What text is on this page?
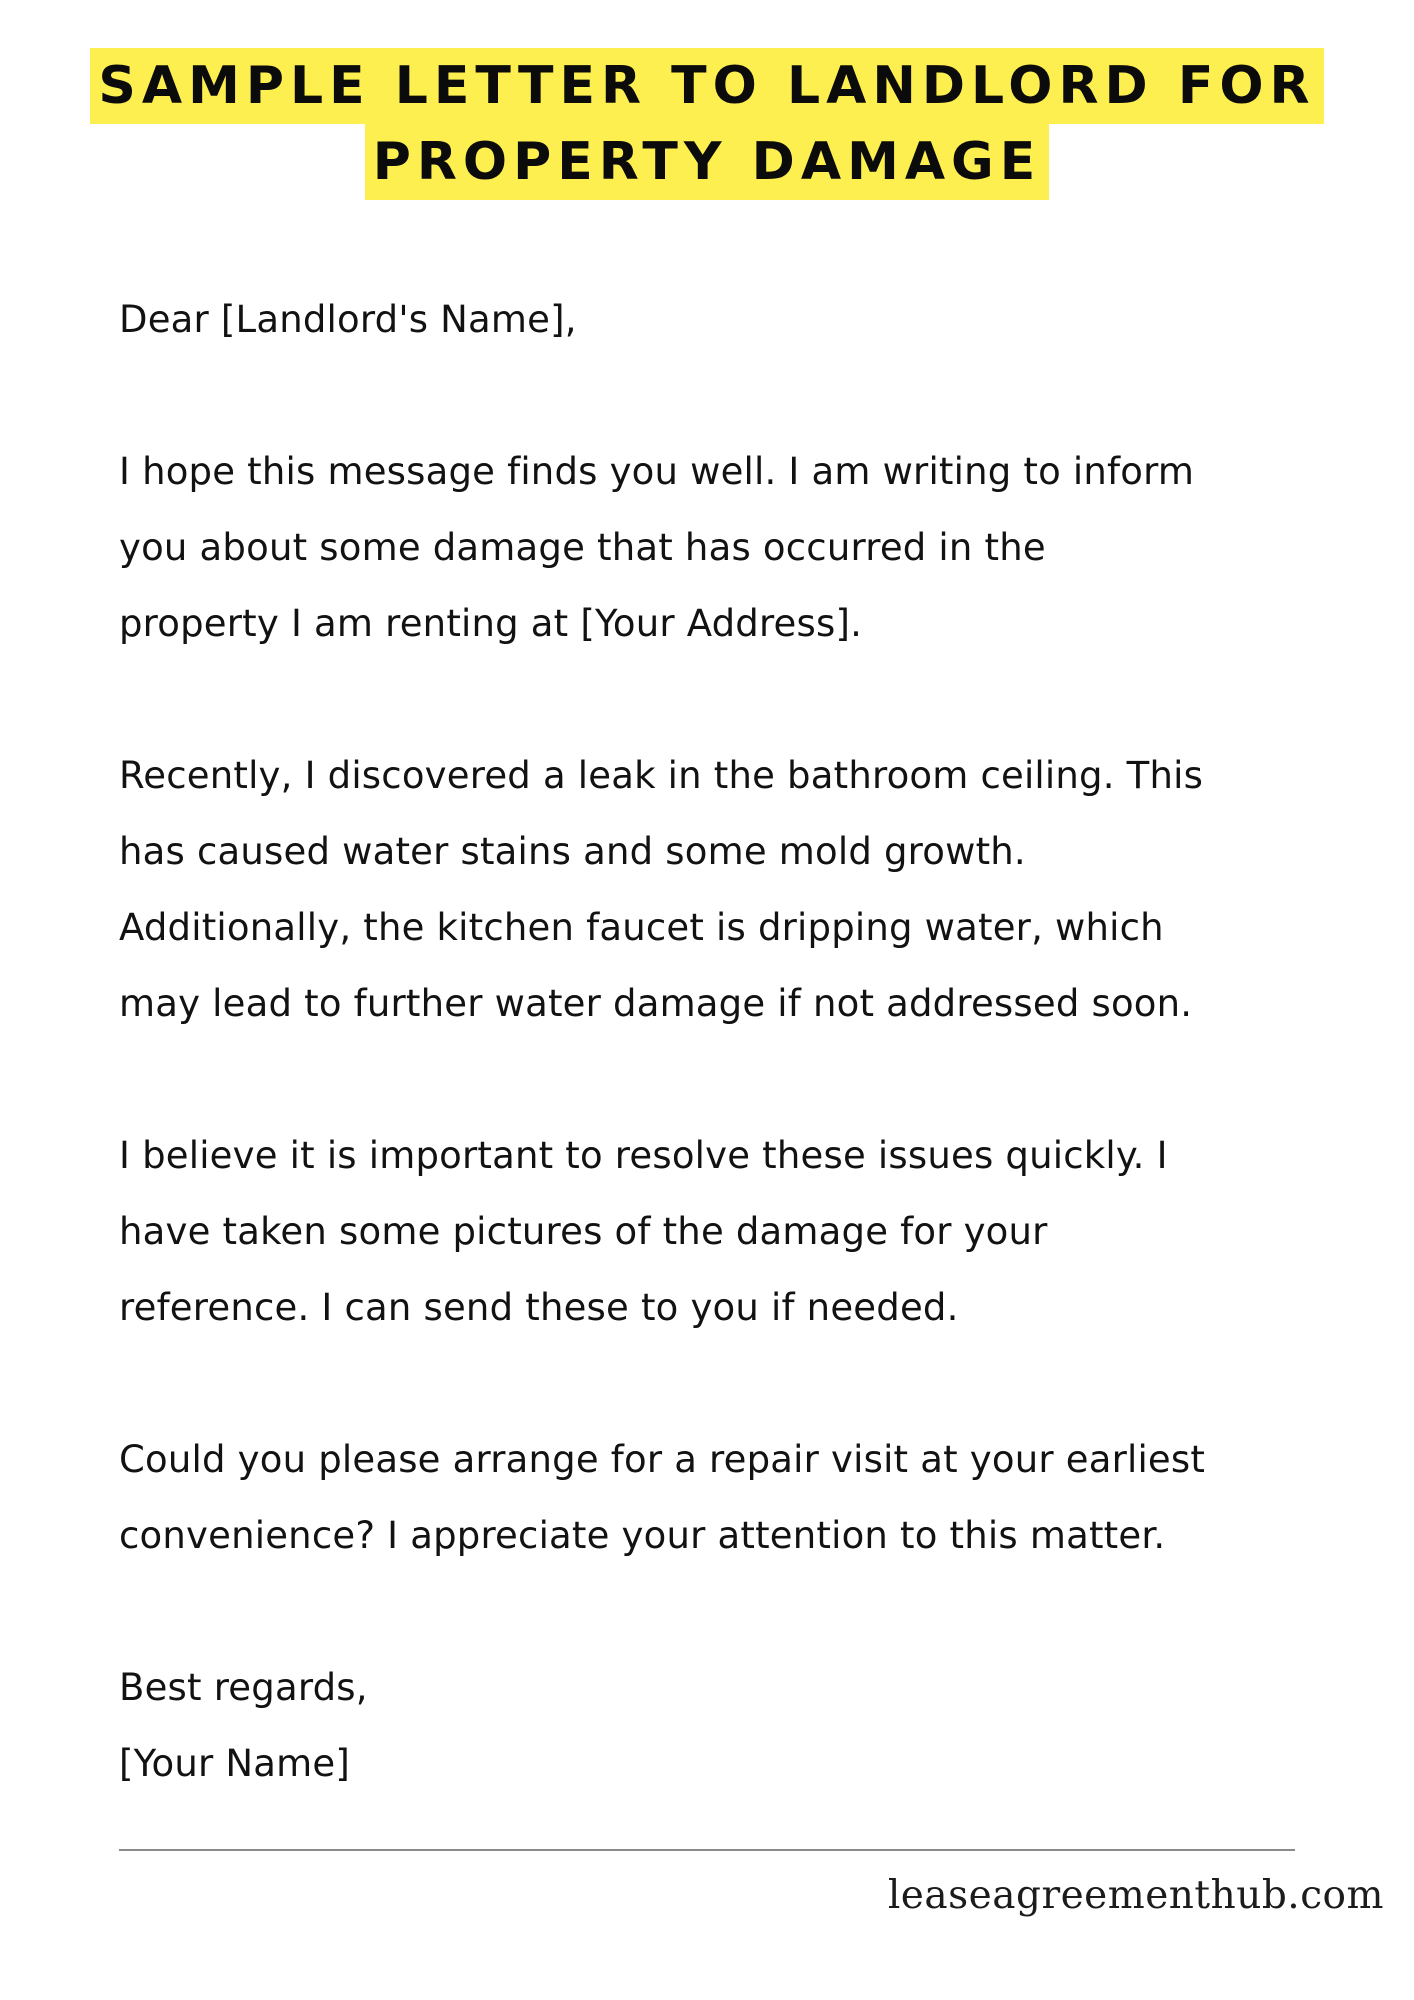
SAMPLE LETTER TO LANDLORD FOR
PROPERTY DAMAGE
Dear [Landlord's Name],
I hope this message finds you well. I am writing to inform
you about some damage that has occurred in the
property I am renting at [Your Address].
Recently, I discovered a leak in the bathroom ceiling. This
has caused water stains and some mold growth.
Additionally, the kitchen faucet is dripping water, which
may lead to further water damage if not addressed soon.
I believe it is important to resolve these issues quickly. I
have taken some pictures of the damage for your
reference. I can send these to you if needed.
Could you please arrange for a repair visit at your earliest
convenience? I appreciate your attention to this matter.
Best regards,
[Your Name]
leaseagreementhub.com
